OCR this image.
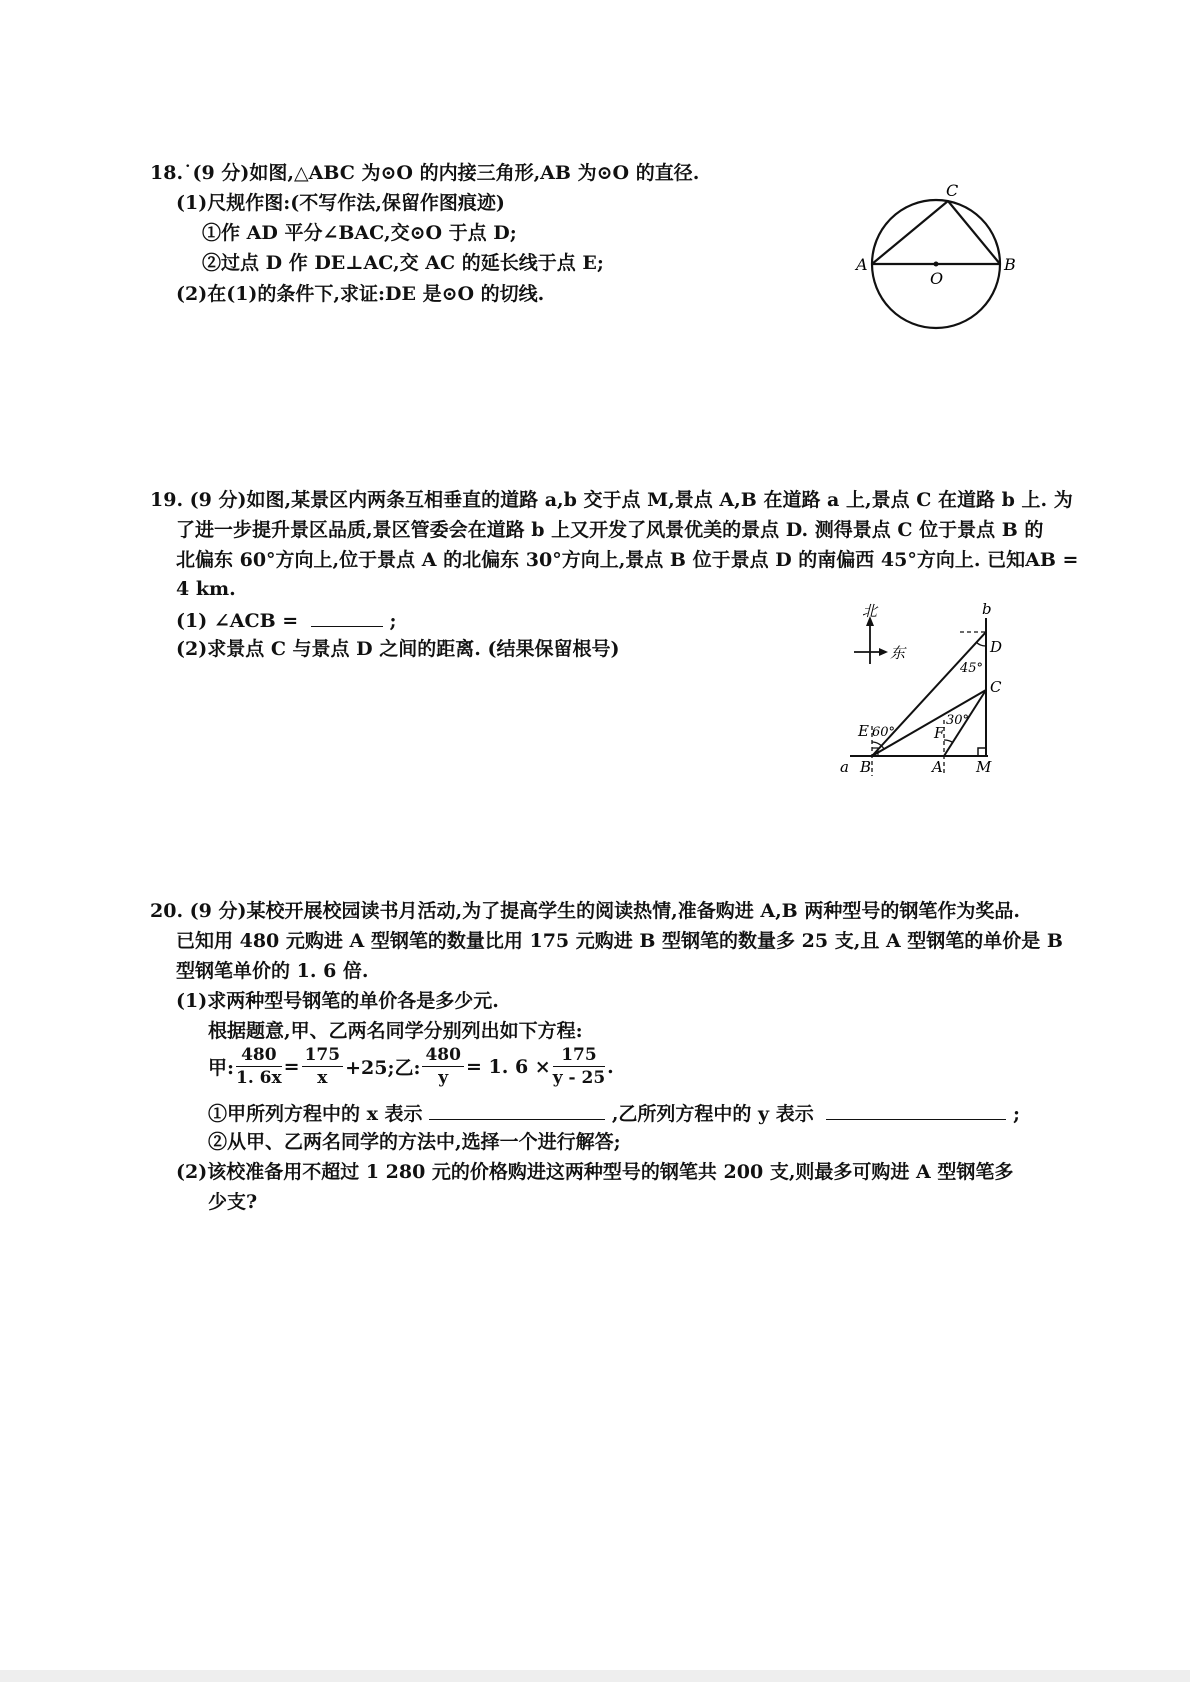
18.˙(9 分)如图,△ABC 为⊙O 的内接三角形,AB 为⊙O 的直径.
(1)尺规作图:(不写作法,保留作图痕迹)
①作 AD 平分∠BAC,交⊙O 于点 D;
②过点 D 作 DE⊥AC,交 AC 的延长线于点 E;
(2)在(1)的条件下,求证:DE 是⊙O 的切线.
A	B
C
O
19. (9 分)如图,某景区内两条互相垂直的道路 a,b 交于点 M,景点 A,B 在道路 a 上,景点 C 在道路 b 上. 为
了进一步提升景区品质,景区管委会在道路 b 上又开发了风景优美的景点 D. 测得景点 C 位于景点 B 的
北偏东 60°方向上,位于景点 A 的北偏东 30°方向上,景点 B 位于景点 D 的南偏西 45°方向上. 已知AB =
4 km.
(1) ∠ACB =	;
(2)求景点 C 与景点 D 之间的距离. (结果保留根号)
北
东
a
b
B	A M
C
D
E	F
60°
30°
45°
20. (9 分)某校开展校园读书月活动,为了提高学生的阅读热情,准备购进 A,B 两种型号的钢笔作为奖品.
已知用 480 元购进 A 型钢笔的数量比用 175 元购进 B 型钢笔的数量多 25 支,且 A 型钢笔的单价是 B
型钢笔单价的 1. 6 倍.
(1)求两种型号钢笔的单价各是多少元.
根据题意,甲、乙两名同学分别列出如下方程:
甲: $\frac{480}{1. 6x} = \frac{175}{x} +25$;乙: $\frac{480}{y} = 1$. $6 \times \frac{175}{y - 25}$ .
①甲所列方程中的 x 表示	,乙所列方程中的 y 表示	;
②从甲、乙两名同学的方法中,选择一个进行解答;
(2)该校准备用不超过 1 280 元的价格购进这两种型号的钢笔共 200 支,则最多可购进 A 型钢笔多
少支?
